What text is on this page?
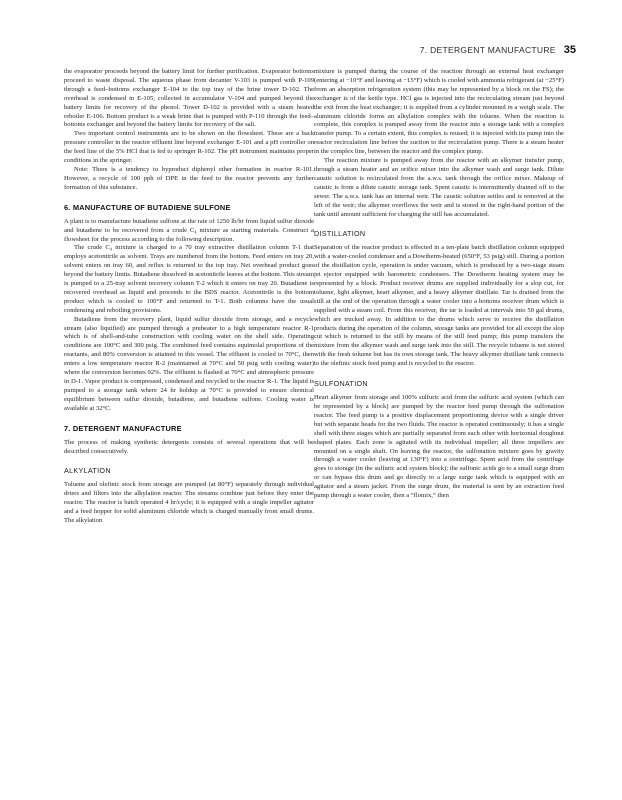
7. DETERGENT MANUFACTURE 35

the evaporator proceeds beyond the battery limit for further purification. Evaporator bottoms proceed to waste disposal. The aqueous phase from decanter V-103 is pumped with P-109 through a feed–bottoms exchanger E-104 to the top tray of the brine tower D-102. The overhead is condensed in E-105, collected in accumulator V-104 and pumped beyond the battery limits for recovery of the phenol. Tower D-102 is provided with a steam heated reboiler E-106. Bottom product is a weak brine that is pumped with P-110 through the feed–bottoms exchanger and beyond the battery limits for recovery of the salt.

Two important control instruments are to be shown on the flowsheet. These are a back pressure controller in the reactor effluent line beyond exchanger E-101 and a pH controller on the feed line of the 5% HCl that is fed to springer R-102. The pH instrument maintains proper conditions in the springer.

Note: There is a tendency to byproduct diphenyl ether formation in reactor R-101. However, a recycle of 100 pph of DPE in the feed to the reactor prevents any further formation of this substance.

6. MANUFACTURE OF BUTADIENE SULFONE

A plant is to manufacture butadiene sulfone at the rate of 1250 lb/hr from liquid sulfur dioxide and butadiene to be recovered from a crude C₄ mixture as starting materials. Construct a flowsheet for the process according to the following description.

The crude C₄ mixture is charged to a 70 tray extractive distillation column T-1 that employs acetonitrile as solvent. Trays are numbered from the bottom. Feed enters on tray 20, solvent enters on tray 60, and reflux is returned to the top tray. Net overhead product goes beyond the battery limits. Butadiene dissolved in acetonitrile leaves at the bottom. This stream is pumped to a 25-tray solvent recovery column T-2 which it enters on tray 20. Butadiene is recovered overhead as liquid and proceeds to the BDS reactor. Acetonitrile is the bottom product which is cooled to 100°F and returned to T-1. Both columns have the usual condensing and reboiling provisions.

Butadiene from the recovery plant, liquid sulfur dioxide from storage, and a recycle stream (also liquified) are pumped through a preheater to a high temperature reactor R-1 which is of shell-and-tube construction with cooling water on the shell side. Operating conditions are 100°C and 300 psig. The combined feed contains equimolal proportions of the reactants, and 80% conversion is attained in this vessel. The effluent is cooled to 70°C, then enters a low temperature reactor R-2 (maintained at 70°C and 50 psig with cooling water) where the conversion becomes 92%. The effluent is flashed at 70°C and atmospheric pressure in D-1. Vapor product is compressed, condensed and recycled to the reactor R-1. The liquid is pumped to a storage tank where 24 hr holdup at 70°C is provided to ensure chemical equilibrium between sulfur dioxide, butadiene, and butadiene sulfone. Cooling water is available at 32°C.

7. DETERGENT MANUFACTURE

The process of making synthetic detergents consists of several operations that will be described consecutively.

ALKYLATION

Toluene and olefinic stock from storage are pumped (at 80°F) separately through individual driers and filters into the alkylation reactor. The streams combine just before they enter the reactor. The reactor is batch operated 4 hr/cycle; it is equipped with a single impeller agitator and a feed hopper for solid aluminum chloride which is charged manually from small drums. The alkylation

mixture is pumped during the course of the reaction through an external heat exchanger (entering at −10°F and leaving at −15°F) which is cooled with ammonia refrigerant (at −25°F) from an absorption refrigeration system (this may be represented by a block on the FS); the exchanger is of the kettle type. HCl gas is injected into the recirculating stream just beyond the exit from the heat exchanger; it is supplied from a cylinder mounted in a weigh scale. The aluminum chloride forms an alkylation complex with the toluene. When the reaction is complete, this complex is pumped away from the reactor into a storage tank with a complex transfer pump. To a certain extent, this complex is reused; it is injected with its pump into the reactor recirculation line before the suction to the recirculation pump. There is a steam heater in the complex line, between the reactor and the complex pump.

The reaction mixture is pumped away from the reactor with an alkymer transfer pump, through a steam heater and an orifice mixer into the alkymer wash and surge tank. Dilute caustic solution is recirculated from the a.w.s. tank through the orifice mixer. Makeup of caustic is from a dilute caustic storage tank. Spent caustic is intermittently drained off to the sewer. The a.w.s. tank has an internal weir. The caustic solution settles and is removed at the left of the weir; the alkymer overflows the weir and is stored in the right-hand portion of the tank until amount sufficient for charging the still has accumulated.

DISTILLATION

Separation of the reactor product is effected in a ten-plate batch distillation column equipped with a water-cooled condenser and a Dowtherm-heated (650°F, 53 psig) still. During a portion of the distillation cycle, operation is under vacuum, which is produced by a two-stage steam jet ejector equipped with barometric condensers. The Dowtherm heating system may be represented by a block. Product receiver drums are supplied individually for a slop cut, for toluene, light alkymer, heart alkymer, and a heavy alkymer distillate. Tar is drained from the still at the end of the operation through a water cooler into a bottoms receiver drum which is supplied with a steam coil. From this receiver, the tar is loaded at intervals into 50 gal drums, which are trucked away. In addition to the drums which serve to receive the distillation products during the operation of the column, storage tanks are provided for all except the slop cut which is returned to the still by means of the still feed pump; this pump transfers the mixture from the alkymer wash and surge tank into the still. The recycle toluene is not stored with the fresh toluene but has its own storage tank. The heavy alkymer distillate tank connects to the olefinic stock feed pump and is recycled to the reactor.

SULFONATION

Heart alkymer from storage and 100% sulfuric acid from the sulfuric acid system (which can be represented by a block) are pumped by the reactor feed pump through the sulfonation reactor. The feed pump is a positive displacement proportioning device with a single driver but with separate heads for the two fluids. The reactor is operated continuously; it has a single shell with three stages which are partially separated from each other with horizontal doughnut shaped plates. Each zone is agitated with its individual impeller; all three impellers are mounted on a single shaft. On leaving the reactor, the sulfonation mixture goes by gravity through a water cooler (leaving at 130°F) into a centrifuge. Spent acid from the centrifuge goes to storage (in the sulfuric acid system block); the sulfonic acids go to a small surge drum or can bypass this drum and go directly to a large surge tank which is equipped with an agitator and a steam jacket. From the surge drum, the material is sent by an extraction feed pump through a water cooler, then a “flomix,” then
